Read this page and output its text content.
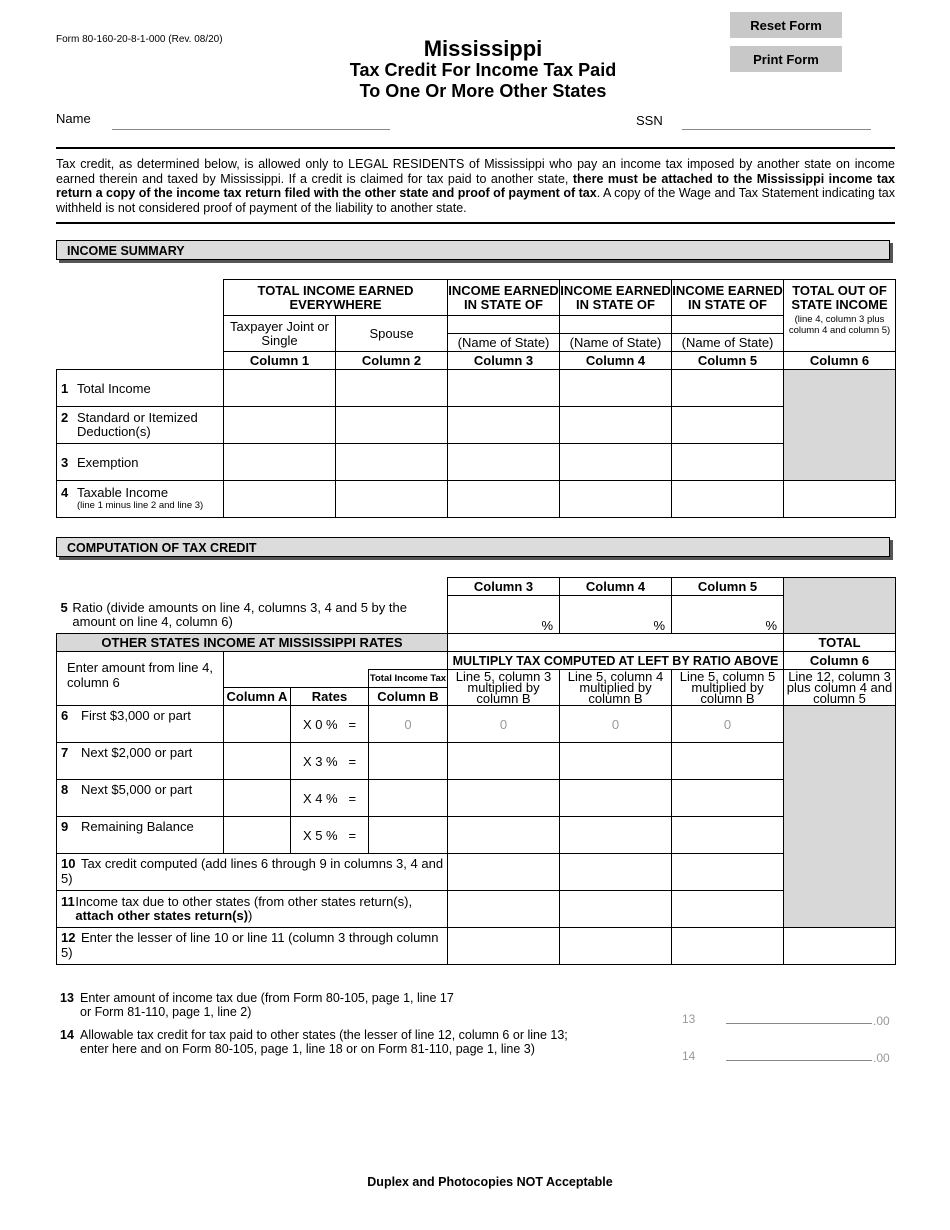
Form 80-160-20-8-1-000 (Rev. 08/20)	Mississippi
Tax Credit For Income Tax Paid
To One Or More Other States
Reset Form
Print Form
Name	SSN
Tax credit, as determined below, is allowed only to LEGAL RESIDENTS of Mississippi who pay an income tax imposed by another state on income earned therein and taxed by Mississippi. If a credit is claimed for tax paid to another state, there must be attached to the Mississippi income tax return a copy of the income tax return filed with the other state and proof of payment of tax. A copy of the Wage and Tax Statement indicating tax withheld is not considered proof of payment of the liability to another state.
INCOME SUMMARY
	TOTAL INCOME EARNED EVERYWHERE		INCOME EARNED IN STATE OF	INCOME EARNED IN STATE OF	INCOME EARNED IN STATE OF	TOTAL OUT OF STATE INCOME
(line 4, column 3 plus column 4 and column 5)

	Taxpayer Joint or Single	Spouse				
			(Name of State)	(Name of State)	(Name of State)	
	Column 1	Column 2	Column 3	Column 4	Column 5	Column 6
1 Total Income						

2 Standard or Itemized Deduction(s)						

3 Exemption						

4 Taxable Income
(line 1 minus line 2 and line 3)						

COMPUTATION OF TAX CREDIT
5 Ratio (divide amounts on line 4, columns 3, 4 and 5 by the amount on line 4, column 6)				Column 3	Column 4	Column 5	
				%	%	%	
OTHER STATES INCOME AT MISSISSIPPI RATES							TOTAL
Enter amount from line 4, column 6				MULTIPLY TAX COMPUTED AT LEFT BY RATIO ABOVE			Column 6
			Total Income Tax	Line 5, column 3 multiplied by column B	Line 5, column 4 multiplied by column B	Line 5, column 5 multiplied by column B	Line 12, column 3 plus column 4 and column 5
	Column A	Rates	Column B				
6 First $3,000 or part		X 0 % =	0	0	0	0	
7 Next $2,000 or part		X 3 % =					
8 Next $5,000 or part		X 4 % =					
9 Remaining Balance		X 5 % =					
10 Tax credit computed (add lines 6 through 9 in columns 3, 4 and 5)							

11 Income tax due to other states (from other states return(s), attach other states return(s))							

12 Enter the lesser of line 10 or line 11 (column 3 through column 5)							
13 Enter amount of income tax due (from Form 80-105, page 1, line 17
or Form 81-110, page 1, line 2)	13	.00
14 Allowable tax credit for tax paid to other states (the lesser of line 12, column 6 or line 13;
enter here and on Form 80-105, page 1, line 18 or on Form 81-110, page 1, line 3)	14	.00
Duplex and Photocopies NOT Acceptable
